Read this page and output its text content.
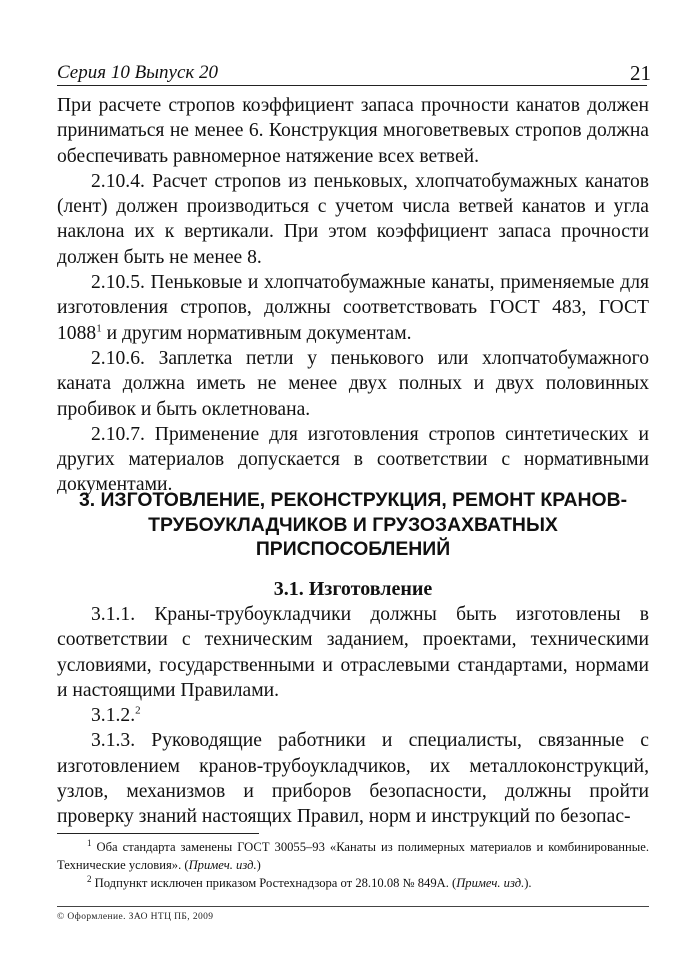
Серия 10 Выпуск 20	21

При расчете стропов коэффициент запаса прочности канатов должен приниматься не менее 6. Конструкция многоветвевых стропов должна обеспечивать равномерное натяжение всех ветвей.

2.10.4. Расчет стропов из пеньковых, хлопчатобумажных канатов (лент) должен производиться с учетом числа ветвей канатов и угла наклона их к вертикали. При этом коэффициент запаса прочности должен быть не менее 8.

2.10.5. Пеньковые и хлопчатобумажные канаты, применяемые для изготовления стропов, должны соответствовать ГОСТ 483, ГОСТ 1088$^1$ и другим нормативным документам.

2.10.6. Заплетка петли у пенькового или хлопчатобумажного каната должна иметь не менее двух полных и двух половинных пробивок и быть оклетнована.

2.10.7. Применение для изготовления стропов синтетических и других материалов допускается в соответствии с нормативными документами.

3. ИЗГОТОВЛЕНИЕ, РЕКОНСТРУКЦИЯ, РЕМОНТ КРАНОВ-ТРУБОУКЛАДЧИКОВ И ГРУЗОЗАХВАТНЫХ ПРИСПОСОБЛЕНИЙ
3.1. Изготовление

3.1.1. Краны-трубоукладчики должны быть изготовлены в соответствии с техническим заданием, проектами, техническими условиями, государственными и отраслевыми стандартами, нормами и настоящими Правилами.

3.1.2.$^2$

3.1.3. Руководящие работники и специалисты, связанные с изготовлением кранов-трубоукладчиков, их металлоконструкций, узлов, механизмов и приборов безопасности, должны пройти проверку знаний настоящих Правил, норм и инструкций по безопас-

$^1$ Оба стандарта заменены ГОСТ 30055–93 «Канаты из полимерных материалов и комбинированные. Технические условия». (Примеч. изд.)

$^2$ Подпункт исключен приказом Ростехнадзора от 28.10.08 № 849А. (Примеч. изд.).

© Оформление. ЗАО НТЦ ПБ, 2009
